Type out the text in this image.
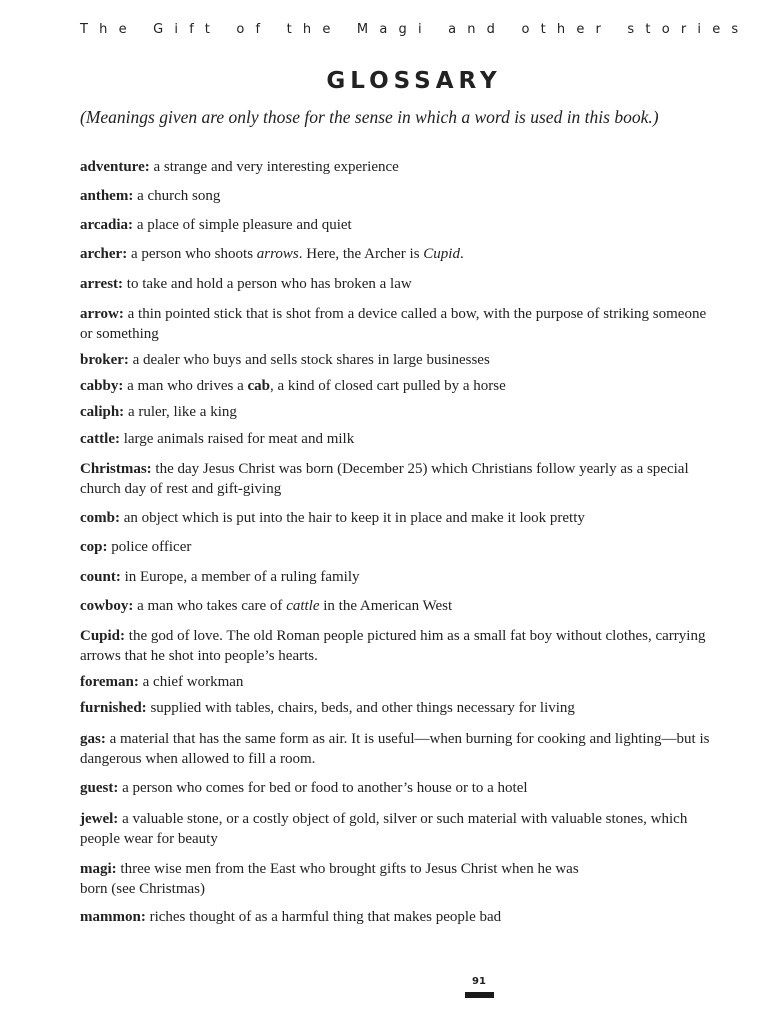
The Gift of the Magi and other stories
GLOSSARY
(Meanings given are only those for the sense in which a word is used in this book.)
adventure: a strange and very interesting experience
anthem: a church song
arcadia: a place of simple pleasure and quiet
archer: a person who shoots arrows. Here, the Archer is Cupid.
arrest: to take and hold a person who has broken a law
arrow: a thin pointed stick that is shot from a device called a bow, with the purpose of striking someone or something
broker: a dealer who buys and sells stock shares in large businesses
cabby: a man who drives a cab, a kind of closed cart pulled by a horse
caliph: a ruler, like a king
cattle: large animals raised for meat and milk
Christmas: the day Jesus Christ was born (December 25) which Christians follow yearly as a special church day of rest and gift-giving
comb: an object which is put into the hair to keep it in place and make it look pretty
cop: police officer
count: in Europe, a member of a ruling family
cowboy: a man who takes care of cattle in the American West
Cupid: the god of love. The old Roman people pictured him as a small fat boy without clothes, carrying arrows that he shot into people’s hearts.
foreman: a chief workman
furnished: supplied with tables, chairs, beds, and other things necessary for living
gas: a material that has the same form as air. It is useful—when burning for cooking and lighting—but is dangerous when allowed to fill a room.
guest: a person who comes for bed or food to another’s house or to a hotel
jewel: a valuable stone, or a costly object of gold, silver or such material with valuable stones, which people wear for beauty
magi: three wise men from the East who brought gifts to Jesus Christ when he was
born (see Christmas)
mammon: riches thought of as a harmful thing that makes people bad
91
